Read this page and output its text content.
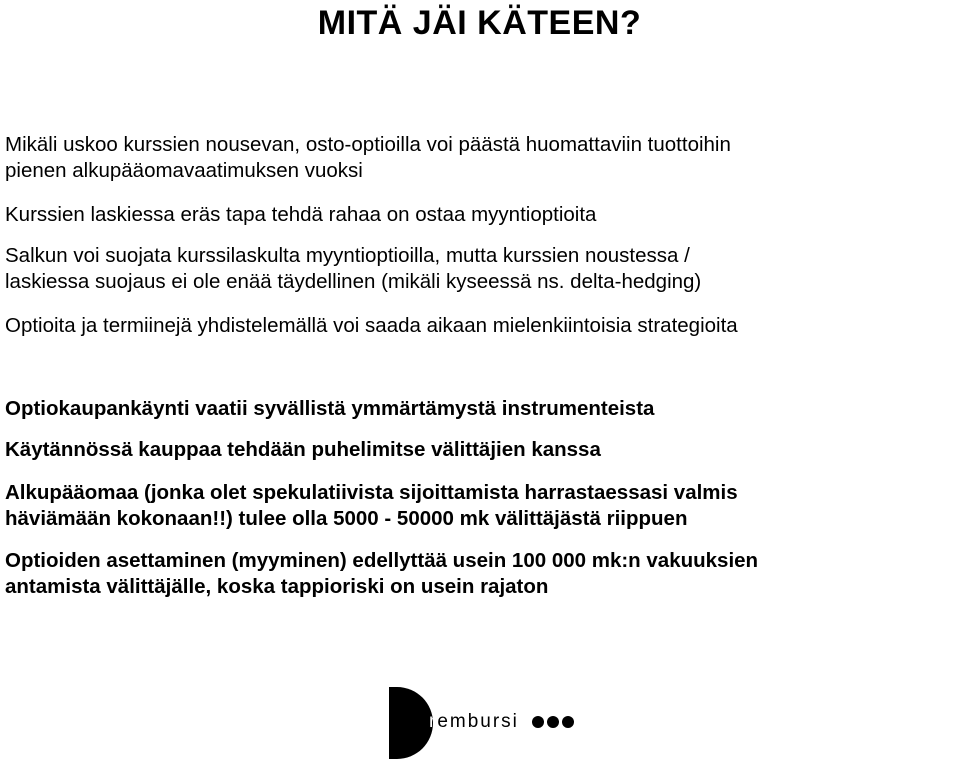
MITÄ JÄI KÄTEEN?
Mikäli uskoo kurssien nousevan, osto-optioilla voi päästä huomattaviin tuottoihin
pienen alkupääomavaatimuksen vuoksi
Kurssien laskiessa eräs tapa tehdä rahaa on ostaa myyntioptioita
Salkun voi suojata kurssilaskulta myyntioptioilla, mutta kurssien noustessa /
laskiessa suojaus ei ole enää täydellinen (mikäli kyseessä ns. delta-hedging)
Optioita ja termiinejä yhdistelemällä voi saada aikaan mielenkiintoisia strategioita
Optiokaupankäynti vaatii syvällistä ymmärtämystä instrumenteista
Käytännössä kauppaa tehdään puhelimitse välittäjien kanssa
Alkupääomaa (jonka olet spekulatiivista sijoittamista harrastaessasi valmis
häviämään kokonaan!!) tulee olla 5000 - 50000 mk välittäjästä riippuen
Optioiden asettaminen (myyminen) edellyttää usein 100 000 mk:n vakuuksien
antamista välittäjälle, koska tappioriski on usein rajaton
rembursi
